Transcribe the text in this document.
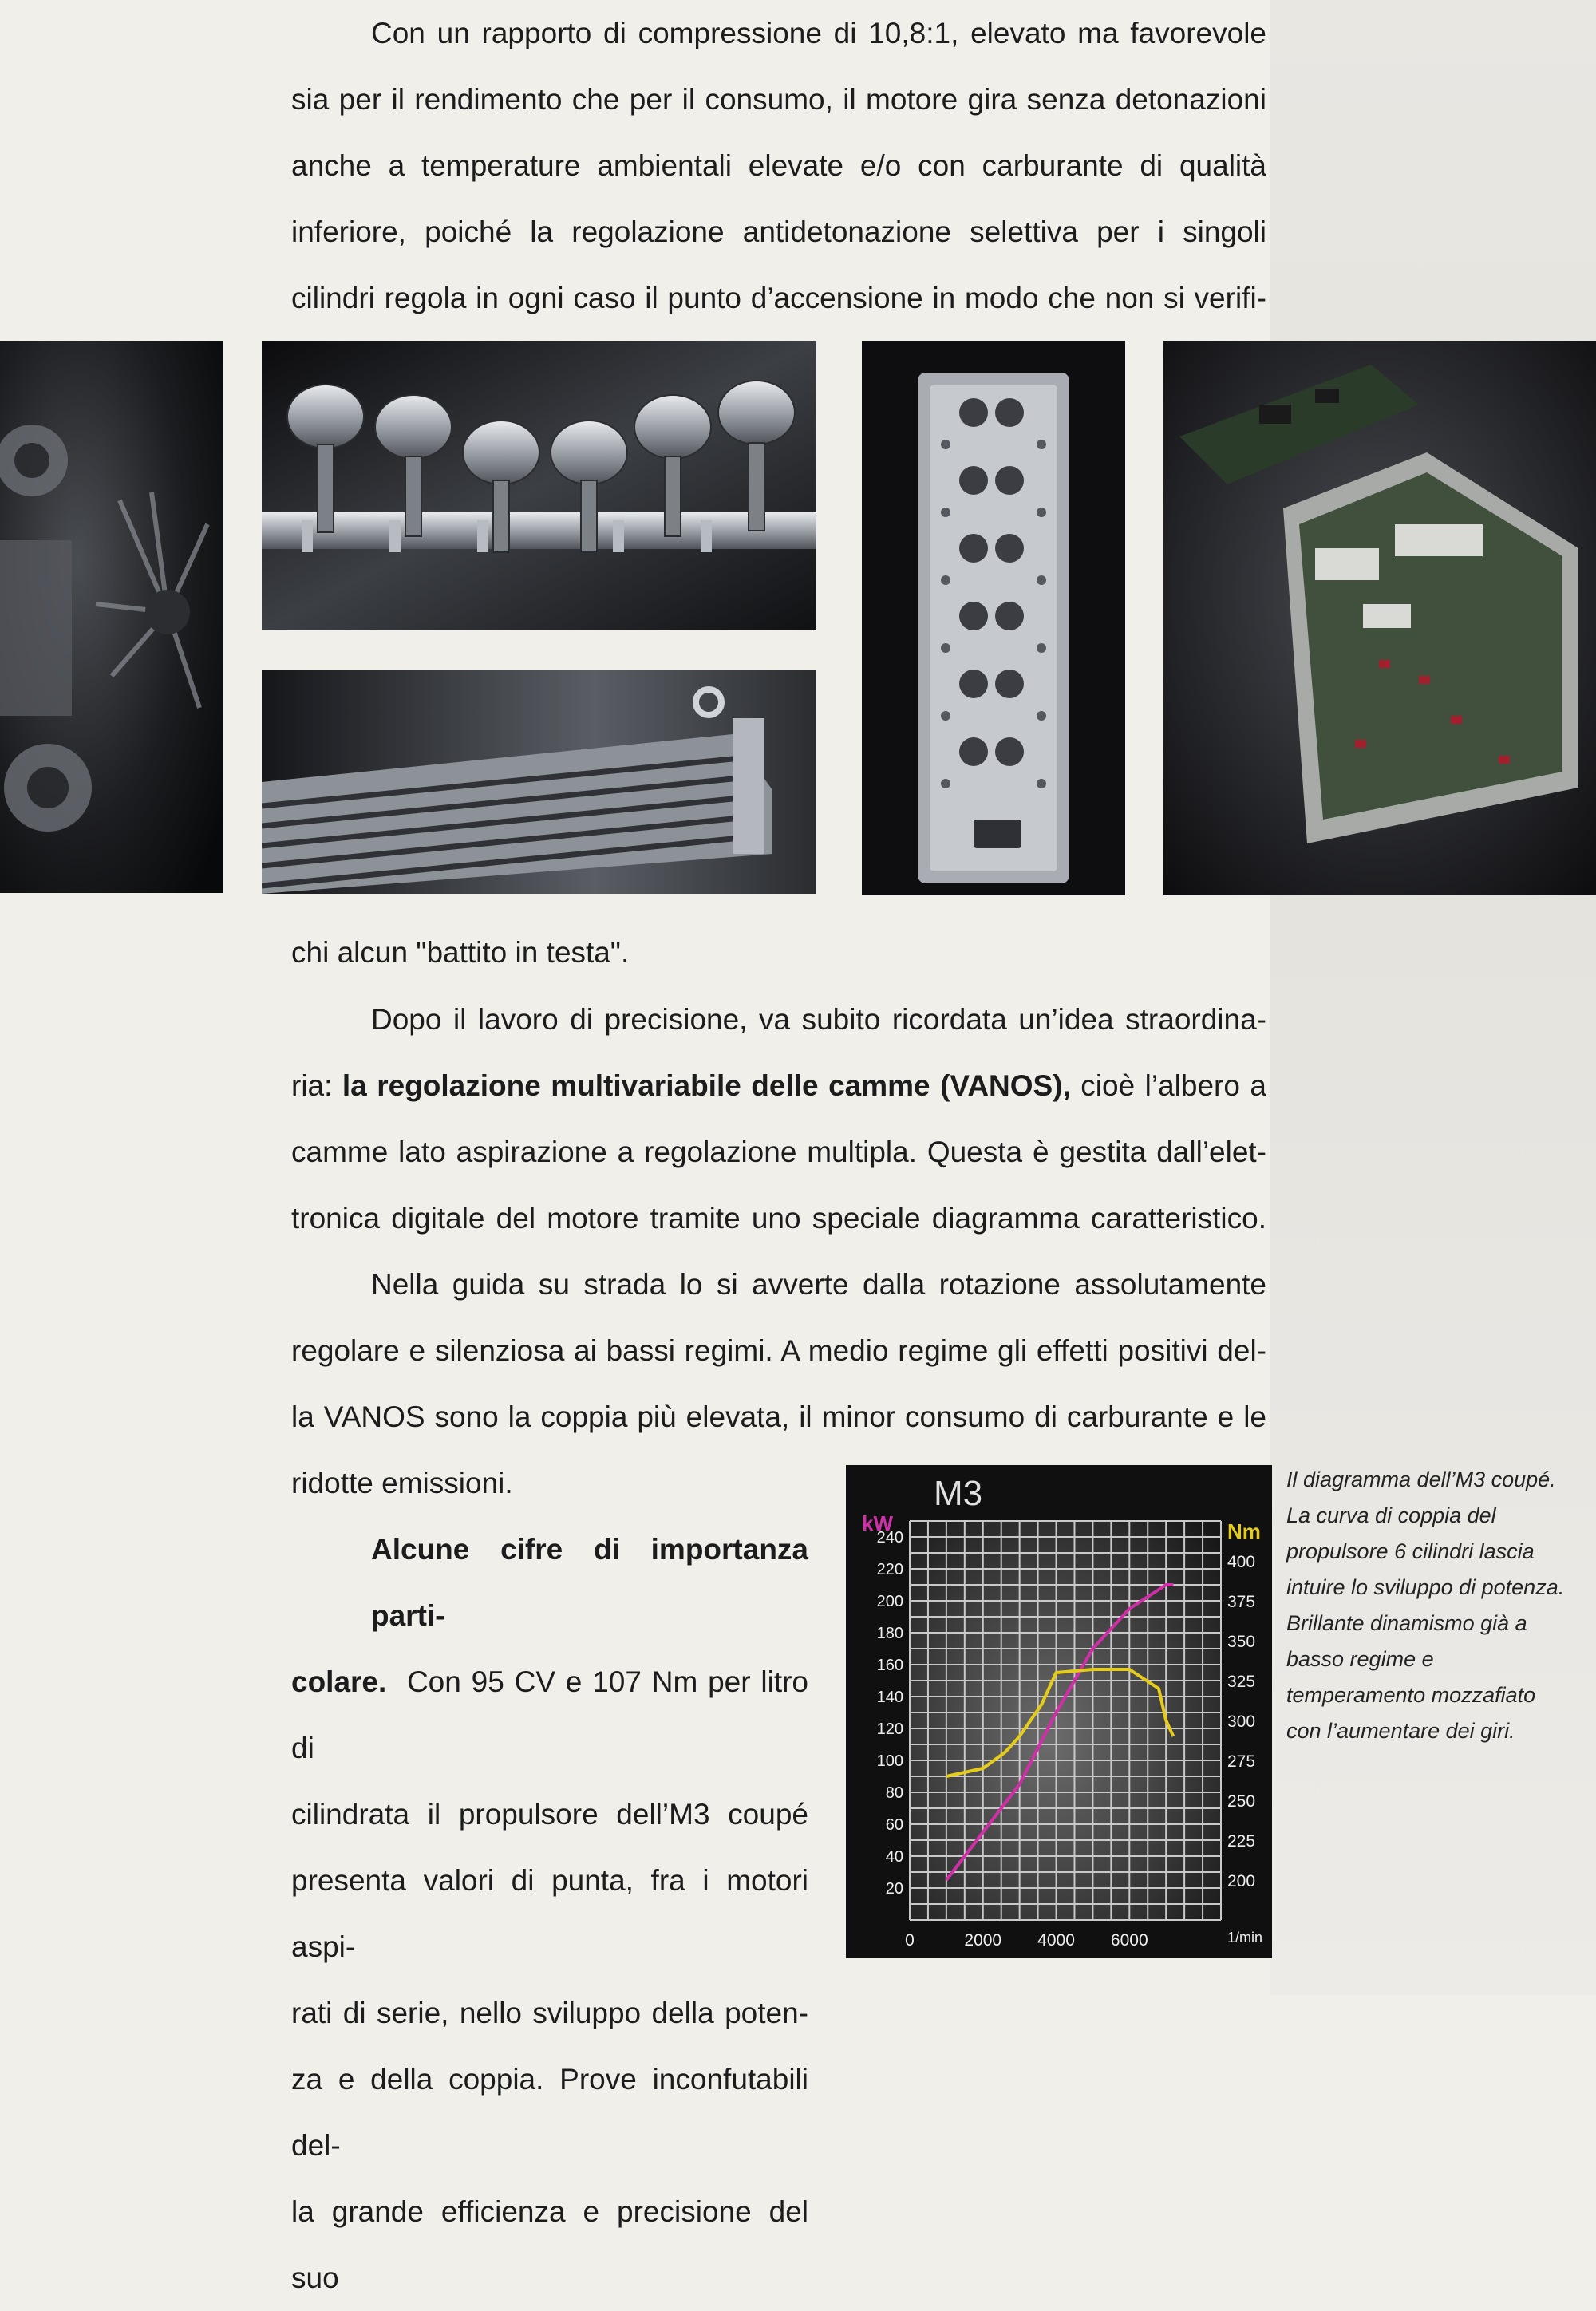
Con un rapporto di compressione di 10,8:1, elevato ma favorevole
sia per il rendimento che per il consumo, il motore gira senza detonazioni
anche a temperature ambientali elevate e/o con carburante di qualità
inferiore, poiché la regolazione antidetonazione selettiva per i singoli
cilindri regola in ogni caso il punto d’accensione in modo che non si verifi-
chi alcun "battito in testa".
Dopo il lavoro di precisione, va subito ricordata un’idea straordina-
ria: la regolazione multivariabile delle camme (VANOS), cioè l’albero a
camme lato aspirazione a regolazione multipla. Questa è gestita dall’elet-
tronica digitale del motore tramite uno speciale diagramma caratteristico.
Nella guida su strada lo si avverte dalla rotazione assolutamente
regolare e silenziosa ai bassi regimi. A medio regime gli effetti positivi del-
la VANOS sono la coppia più elevata, il minor consumo di carburante e le
ridotte emissioni.
Alcune cifre di importanza parti-
colare. Con 95 CV e 107 Nm per litro di
cilindrata il propulsore dell’M3 coupé
presenta valori di punta, fra i motori aspi-
rati di serie, nello sviluppo della poten-
za e della coppia. Prove inconfutabili del-
la grande efficienza e precisione del suo
20
40
60
80
100
120
140
160
180
200
220
240
200
225
250
275
300
325
350
375
400
0	2000 4000 6000
M3
kW	Nm
1/min
Il diagramma dell’M3 coupé. La curva di coppia del propulsore 6 cilindri lascia intuire lo sviluppo di potenza. Brillante dinamismo già a basso regime e temperamento mozzafiato con l’aumentare dei giri.
